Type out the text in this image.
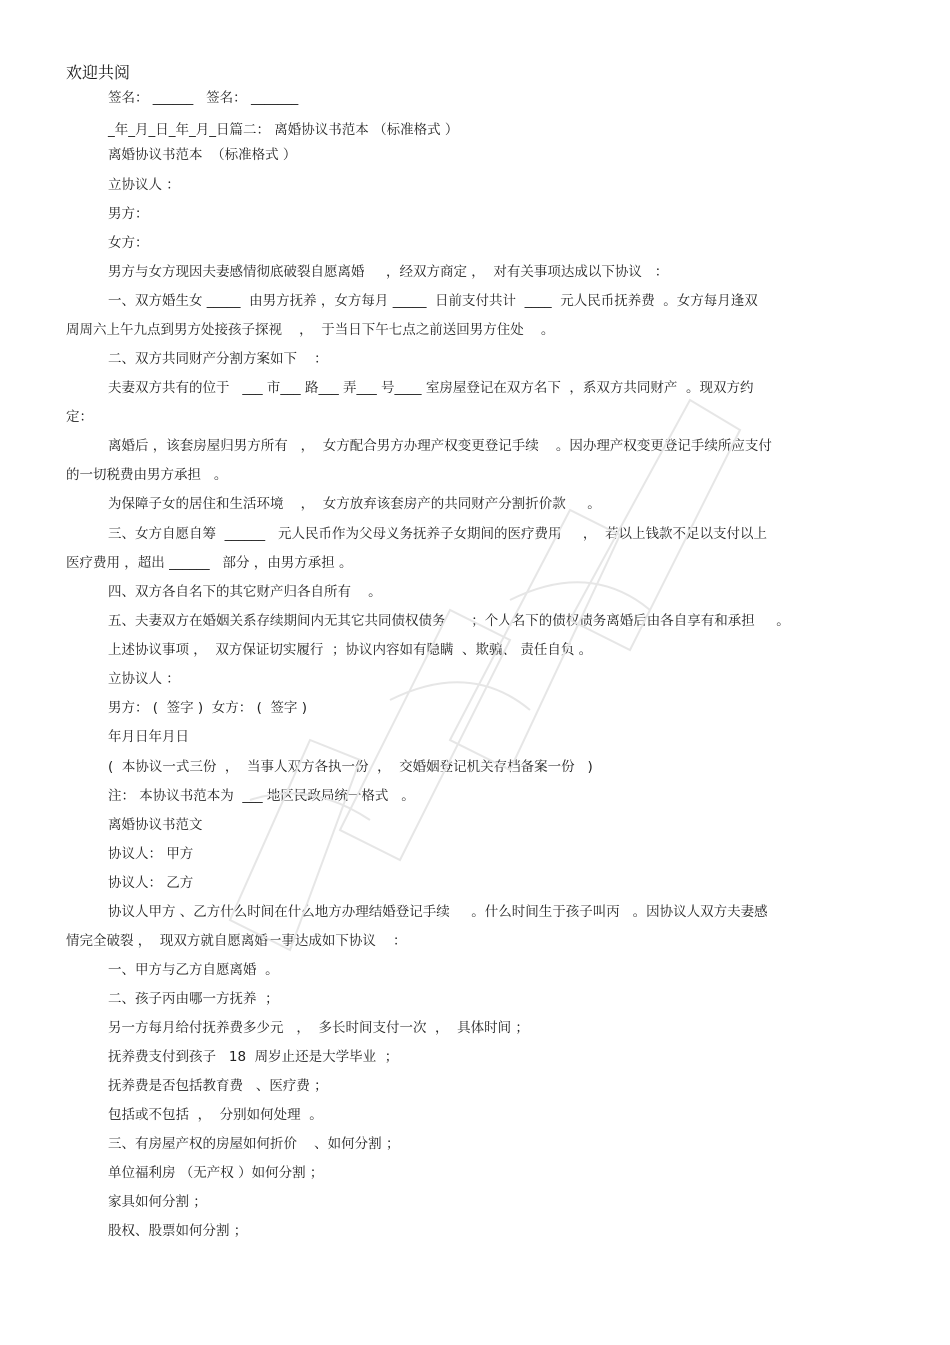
欢迎共阅
签名： ______   签名： _______
_年_月_日_年_月_日篇二： 离婚协议书范本 （标准格式 ）
离婚协议书范本  （标准格式 ）
立协议人 ：
男方：
女方：
男方与女方现因夫妻感情彻底破裂自愿离婚     ，经双方商定 ，  对有关事项达成以下协议   ：
一、双方婚生女 _____  由男方抚养 ，女方每月 _____  日前支付共计  ____  元人民币抚养费  。女方每月逢双
周周六上午九点到男方处接孩子探视    ，  于当日下午七点之前送回男方住处    。
二、双方共同财产分割方案如下    ：
夫妻双方共有的位于   ___ 市___ 路___ 弄___ 号____ 室房屋登记在双方名下  ，系双方共同财产  。现双方约
定：
离婚后 ，该套房屋归男方所有   ，  女方配合男方办理产权变更登记手续    。因办理产权变更登记手续所应支付
的一切税费由男方承担   。
为保障子女的居住和生活环境    ，  女方放弃该套房产的共同财产分割折价款     。
三、女方自愿自筹  ______   元人民币作为父母义务抚养子女期间的医疗费用     ，  若以上钱款不足以支付以上
医疗费用 ，超出 ______   部分 ，由男方承担 。
四、双方各自名下的其它财产归各自所有    。
五、夫妻双方在婚姻关系存续期间内无其它共同债权债务      ；个人名下的债权债务离婚后由各自享有和承担     。
上述协议事项 ，  双方保证切实履行  ；协议内容如有隐瞒  、欺骗、 责任自负 。
立协议人 ：
男方： (  签字 )  女方： (  签字 )
年月日年月日
(  本协议一式三份  ，  当事人双方各执一份  ，  交婚姻登记机关存档备案一份   )
注： 本协议书范本为  ___ 地区民政局统一格式   。
离婚协议书范文
协议人： 甲方
协议人： 乙方
协议人甲方 、乙方什么时间在什么地方办理结婚登记手续     。什么时间生于孩子叫丙   。因协议人双方夫妻感
情完全破裂 ，  现双方就自愿离婚一事达成如下协议    ：
一、甲方与乙方自愿离婚  。
二、孩子丙由哪一方抚养  ；
另一方每月给付抚养费多少元   ，  多长时间支付一次  ，  具体时间 ；
抚养费支付到孩子   18  周岁止还是大学毕业  ；
抚养费是否包括教育费   、医疗费 ；
包括或不包括  ，  分别如何处理  。
三、有房屋产权的房屋如何折价    、如何分割 ；
单位福利房 （无产权 ）如何分割 ；
家具如何分割 ；
股权、股票如何分割 ；
